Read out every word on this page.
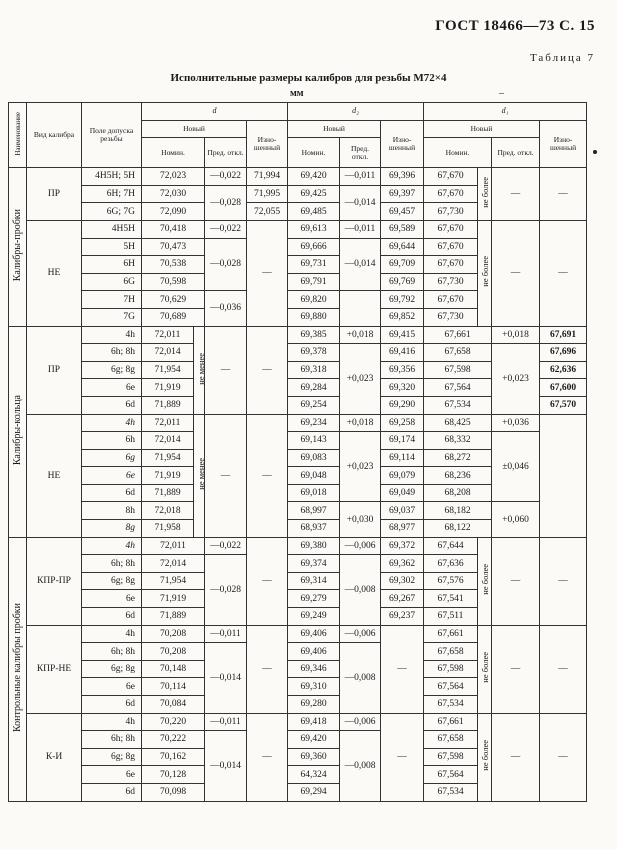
ГОСТ 18466—73 С. 15
Таблица 7
Исполнительные размеры калибров для резьбы М72×4
мм	–
Наименование	Вид калибра	Поле допуска резьбы	d				d₂			d₁			
			Новый			Изно-шенный	Новый		Изно-шенный	Новый			Изно-шенный
			Номин.		Пред. откл.		Номин.	Пред. откл.		Номин.		Пред. откл.	
Калибры-пробки	ПР	4H5H; 5H	72,023		—0,022	71,994	69,420	—0,011	69,396	67,670	не более	—	—
		6H; 7H	72,030		—0,028	71,995	69,425	—0,014	69,397	67,670			
		6G; 7G	72,090			72,055	69,485		69,457	67,730			
	НЕ	4H5H	70,418		—0,022	—	69,613	—0,011	69,589	67,670	не более	—	—
		5H	70,473		—0,028		69,666	—0,014	69,644	67,670			
		6H	70,538				69,731		69,709	67,670			
		6G	70,598				69,791		69,769	67,730			
		7H	70,629		—0,036		69,820		69,792	67,670			
		7G	70,689				69,880		69,852	67,730			
Калибры-кольца	ПР	4h	72,011	не менее	—	—	69,385	+0,018	69,415	67,661		+0,018	67,691
		6h; 8h	72,014				69,378	+0,023	69,416	67,658		+0,023	67,696
		6g; 8g	71,954				69,318		69,356	67,598			62,636
		6e	71,919				69,284		69,320	67,564			67,600
		6d	71,889				69,254		69,290	67,534			67,570
	НЕ	4h	72,011	не менее	—	—	69,234	+0,018	69,258	68,425		+0,036	
		6h	72,014				69,143	+0,023	69,174	68,332		±0,046	
		6g	71,954				69,083		69,114	68,272			
		6e	71,919				69,048		69,079	68,236			
		6d	71,889				69,018		69,049	68,208			
		8h	72,018				68,997	+0,030	69,037	68,182		+0,060	
		8g	71,958				68,937		68,977	68,122			
Контрольные калибры пробки	КПР-ПР	4h	72,011		—0,022	—	69,380	—0,006	69,372	67,644	не более	—	—
		6h; 8h	72,014		—0,028		69,374	—0,008	69,362	67,636			
		6g; 8g	71,954				69,314		69,302	67,576			
		6e	71,919				69,279		69,267	67,541			
		6d	71,889				69,249		69,237	67,511			
	КПР-НЕ	4h	70,208		—0,011	—	69,406	—0,006	—	67,661	не более	—	—
		6h; 8h	70,208		—0,014		69,406	—0,008		67,658			
		6g; 8g	70,148				69,346			67,598			
		6e	70,114				69,310			67,564			
		6d	70,084				69,280			67,534			
	К-И	4h	70,220		—0,011	—	69,418	—0,006	—	67,661	не более	—	—
		6h; 8h	70,222		—0,014		69,420	—0,008		67,658			
		6g; 8g	70,162				69,360			67,598			
		6e	70,128				64,324			67,564			
		6d	70,098				69,294			67,534			
